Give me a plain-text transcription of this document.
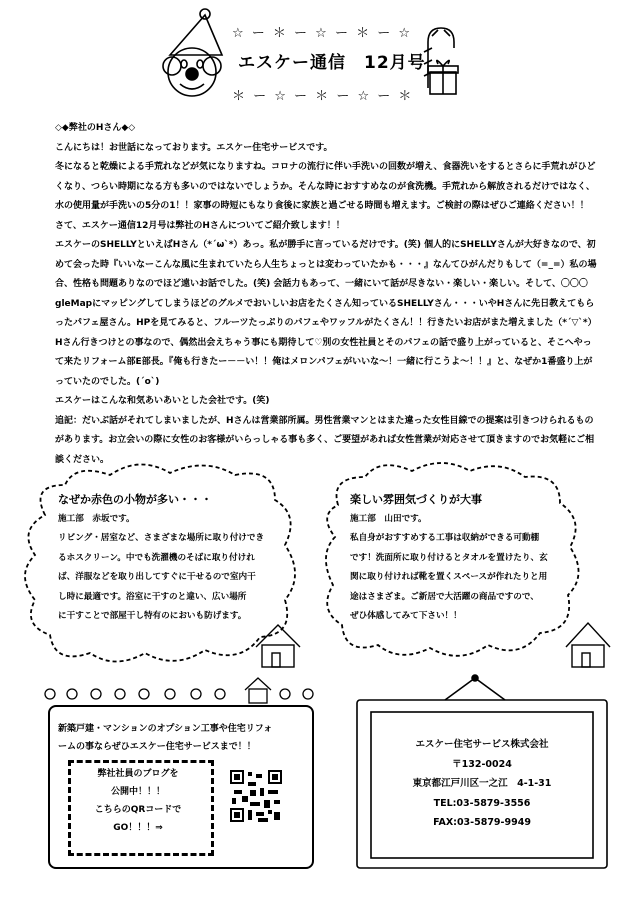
☆ ー ＊ ー ☆ ー ＊ ー ☆
エスケー通信　12月号
＊ ー ☆ ー ＊ ー ☆ ー ＊

◇◆弊社のHさん◆◇

こんにちは！お世話になっております。エスケー住宅サービスです。

冬になると乾燥による手荒れなどが気になりますね。コロナの流行に伴い手洗いの回数が増え、食器洗いをするとさらに手荒れがひどくなり、つらい時期になる方も多いのではないでしょうか。そんな時におすすめなのが食洗機。手荒れから解放されるだけではなく、水の使用量が手洗いの5分の1！！家事の時短にもなり食後に家族と過ごせる時間も増えます。ご検討の際はぜひご連絡ください！！

さて、エスケー通信12月号は弊社のHさんについてご紹介致します！！

エスケーのSHELLYといえばHさん（*´ω`*）あっ。私が勝手に言っているだけです。(笑) 個人的にSHELLYさんが大好きなので、初めて会った時『いいなーこんな風に生まれていたら人生ちょっとは変わっていたかも・・・』なんてひがんだりもして（=_=）私の場合、性格も問題ありなのでほど遠いお話でした。(笑) 会話力もあって、一緒にいて話が尽きない・楽しい・楽しい。そして、〇〇〇gleMapにマッピングしてしまうほどのグルメでおいしいお店をたくさん知っているSHELLYさん・・・いやHさんに先日教えてもらったパフェ屋さん。HPを見てみると、フルーツたっぷりのパフェやワッフルがたくさん！！行きたいお店がまた増えました（*´▽`*）Hさん行きつけとの事なので、偶然出会えちゃう事にも期待して♡別の女性社員とそのパフェの話で盛り上がっていると、そこへやって来たリフォーム部E部長。『俺も行きたー－－い！！俺はメロンパフェがいいな～！一緒に行こうよ～！！』と、なぜか1番盛り上がっていたのでした。(´o`)

エスケーはこんな和気あいあいとした会社です。(笑)

追記：だいぶ話がそれてしまいましたが、Hさんは営業部所属。男性営業マンとはまた違った女性目線での提案は引きつけられるものがあります。お立会いの際に女性のお客様がいらっしゃる事も多く、ご要望があれば女性営業が対応させて頂きますのでお気軽にご相談ください。

なぜか赤色の小物が多い・・・
施工部　赤坂です。
リビング・居室など、さまざまな場所に取り付けでき
るホスクリーン。中でも洗濯機のそばに取り付けれ
ば、洋服などを取り出してすぐに干せるので室内干
し時に最適です。浴室に干すのと違い、広い場所
に干すことで部屋干し特有のにおいも防げます。
楽しい雰囲気づくりが大事
施工部　山田です。
私自身がおすすめする工事は収納ができる可動棚
です！洗面所に取り付けるとタオルを置けたり、玄
関に取り付ければ靴を置くスペースが作れたりと用
途はさまざま。ご新居で大活躍の商品ですので、
ぜひ体感してみて下さい！！
新築戸建・マンションのオプション工事や住宅リフォ
ームの事ならぜひエスケー住宅サービスまで！！
弊社社員のブログを
公開中！！！
こちらのQRコードで
GO！！！⇒
エスケー住宅サービス株式会社
〒132-0024
東京都江戸川区一之江　4-1-31
TEL:03-5879-3556
FAX:03-5879-9949
